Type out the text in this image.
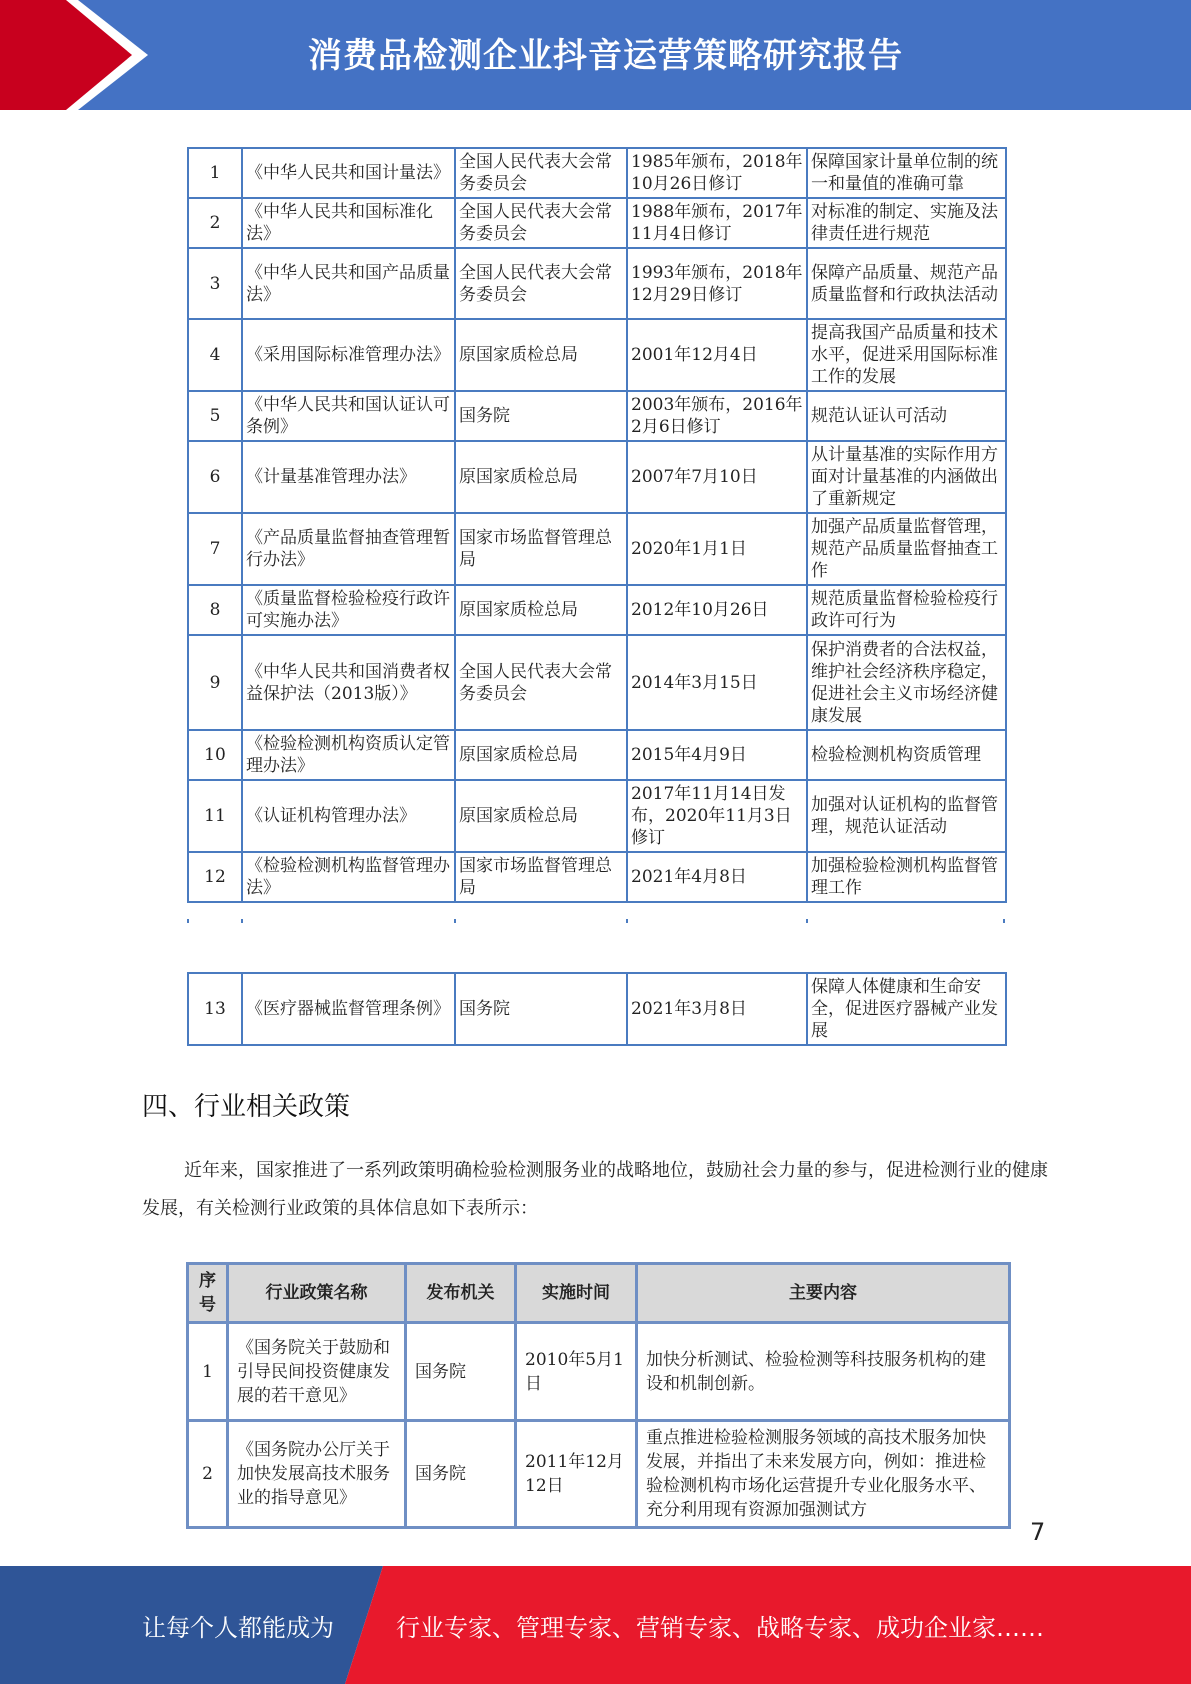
消费品检测企业抖音运营策略研究报告
1	《中华人民共和国计量法》	全国人民代表大会常务委员会	1985年颁布，2018年10月26日修订	保障国家计量单位制的统一和量值的准确可靠
2	《中华人民共和国标准化法》	全国人民代表大会常务委员会	1988年颁布，2017年11月4日修订	对标准的制定、实施及法律责任进行规范
3	《中华人民共和国产品质量法》	全国人民代表大会常务委员会	1993年颁布，2018年12月29日修订	保障产品质量、规范产品质量监督和行政执法活动
4	《采用国际标准管理办法》	原国家质检总局	2001年12月4日	提高我国产品质量和技术水平，促进采用国际标准工作的发展
5	《中华人民共和国认证认可条例》	国务院	2003年颁布，2016年2月6日修订	规范认证认可活动
6	《计量基准管理办法》	原国家质检总局	2007年7月10日	从计量基准的实际作用方面对计量基准的内涵做出了重新规定
7	《产品质量监督抽查管理暂行办法》	国家市场监督管理总局	2020年1月1日	加强产品质量监督管理，规范产品质量监督抽查工作
8	《质量监督检验检疫行政许可实施办法》	原国家质检总局	2012年10月26日	规范质量监督检验检疫行政许可行为
9	《中华人民共和国消费者权益保护法（2013版）》	全国人民代表大会常务委员会	2014年3月15日	保护消费者的合法权益，维护社会经济秩序稳定，促进社会主义市场经济健康发展
10	《检验检测机构资质认定管理办法》	原国家质检总局	2015年4月9日	检验检测机构资质管理
11	《认证机构管理办法》	原国家质检总局	2017年11月14日发布，2020年11月3日修订	加强对认证机构的监督管理，规范认证活动
12	《检验检测机构监督管理办法》	国家市场监督管理总局	2021年4月8日	加强检验检测机构监督管理工作
13	《医疗器械监督管理条例》	国务院	2021年3月8日	保障人体健康和生命安全，促进医疗器械产业发展
四、行业相关政策
近年来，国家推进了一系列政策明确检验检测服务业的战略地位，鼓励社会力量的参与，促进检测行业的健康发展，有关检测行业政策的具体信息如下表所示：
序号	行业政策名称	发布机关	实施时间	主要内容
1	《国务院关于鼓励和引导民间投资健康发展的若干意见》	国务院	2010年5月1日	加快分析测试、检验检测等科技服务机构的建设和机制创新。
2	《国务院办公厅关于加快发展高技术服务业的指导意见》	国务院	2011年12月12日	重点推进检验检测服务领域的高技术服务加快发展，并指出了未来发展方向，例如：推进检验检测机构市场化运营提升专业化服务水平、充分利用现有资源加强测试方
7
让每个人都能成为	行业专家、管理专家、营销专家、战略专家、成功企业家……
